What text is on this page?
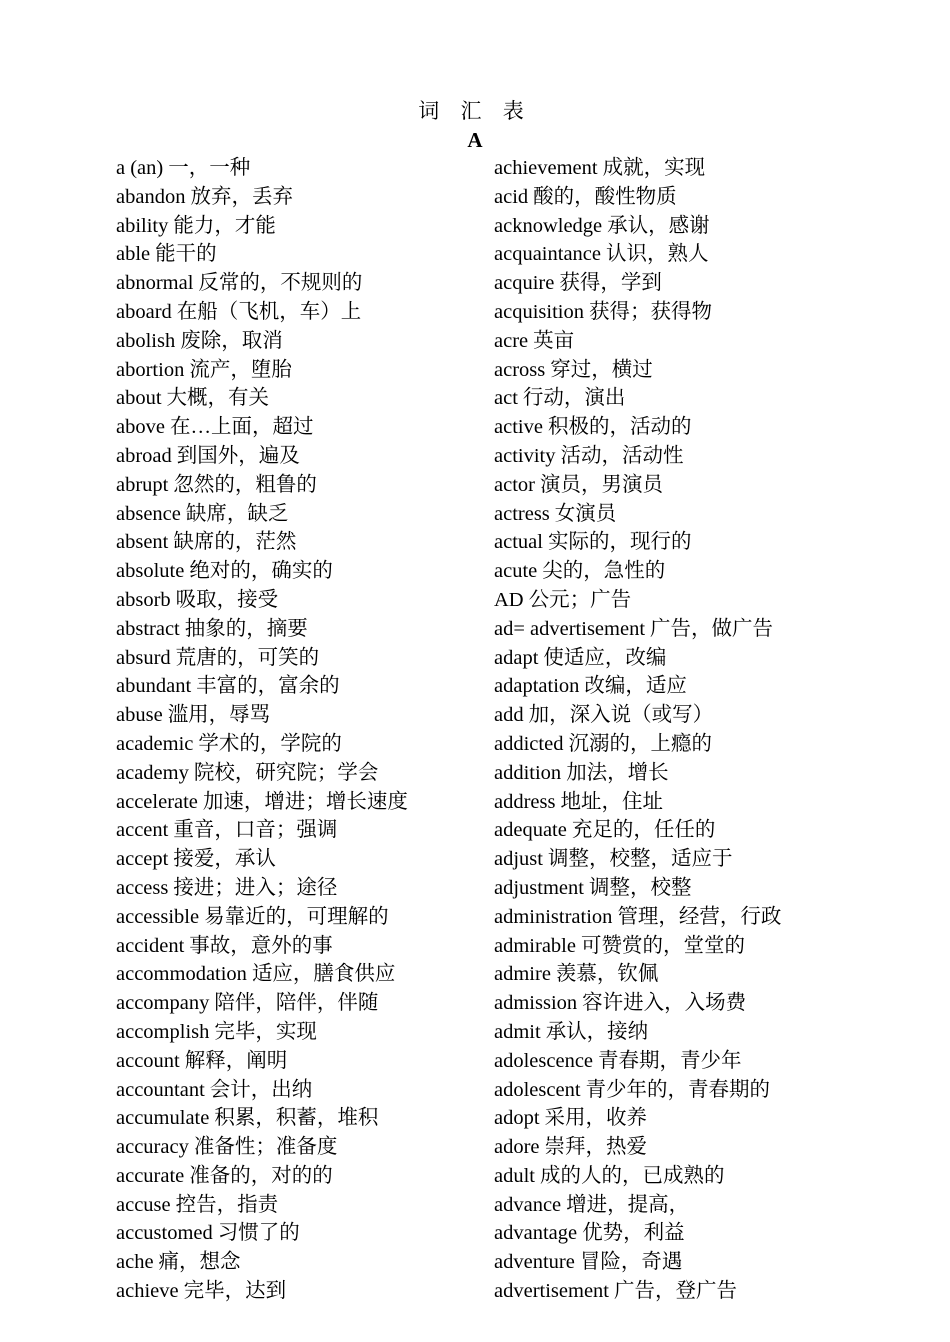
词 汇 表
A
a (an) 一，一种
abandon 放弃，丢弃
ability 能力，才能
able 能干的
abnormal 反常的，不规则的
aboard 在船（飞机，车）上
abolish 废除，取消
abortion 流产，堕胎
about 大概，有关
above 在…上面，超过
abroad 到国外，遍及
abrupt 忽然的，粗鲁的
absence 缺席，缺乏
absent 缺席的，茫然
absolute 绝对的，确实的
absorb 吸取，接受
abstract 抽象的，摘要
absurd 荒唐的，可笑的
abundant 丰富的，富余的
abuse 滥用，辱骂
academic 学术的，学院的
academy 院校，研究院；学会
accelerate 加速，增进；增长速度
accent 重音，口音；强调
accept 接爱，承认
access 接进；进入；途径
accessible 易靠近的，可理解的
accident 事故，意外的事
accommodation 适应，膳食供应
accompany 陪伴，陪伴，伴随
accomplish 完毕，实现
account 解释，阐明
accountant 会计，出纳
accumulate 积累，积蓄，堆积
accuracy 准备性；准备度
accurate 准备的，对的的
accuse 控告，指责
accustomed 习惯了的
ache 痛，想念
achieve 完毕，达到
achievement 成就，实现
acid 酸的，酸性物质
acknowledge 承认，感谢
acquaintance 认识，熟人
acquire 获得，学到
acquisition 获得；获得物
acre 英亩
across 穿过，横过
act 行动，演出
active 积极的，活动的
activity 活动，活动性
actor 演员，男演员
actress 女演员
actual 实际的，现行的
acute 尖的，急性的
AD 公元；广告
ad= advertisement 广告，做广告
adapt 使适应，改编
adaptation 改编，适应
add 加，深入说（或写）
addicted 沉溺的，上瘾的
addition 加法，增长
address 地址，住址
adequate 充足的，任任的
adjust 调整，校整，适应于
adjustment 调整，校整
administration 管理，经营，行政
admirable 可赞赏的，堂堂的
admire 羡慕，钦佩
admission 容许进入，入场费
admit 承认，接纳
adolescence 青春期，青少年
adolescent 青少年的，青春期的
adopt 采用，收养
adore 崇拜，热爱
adult 成的人的，已成熟的
advance 增进，提高，
advantage 优势，利益
adventure 冒险，奇遇
advertisement 广告，登广告
